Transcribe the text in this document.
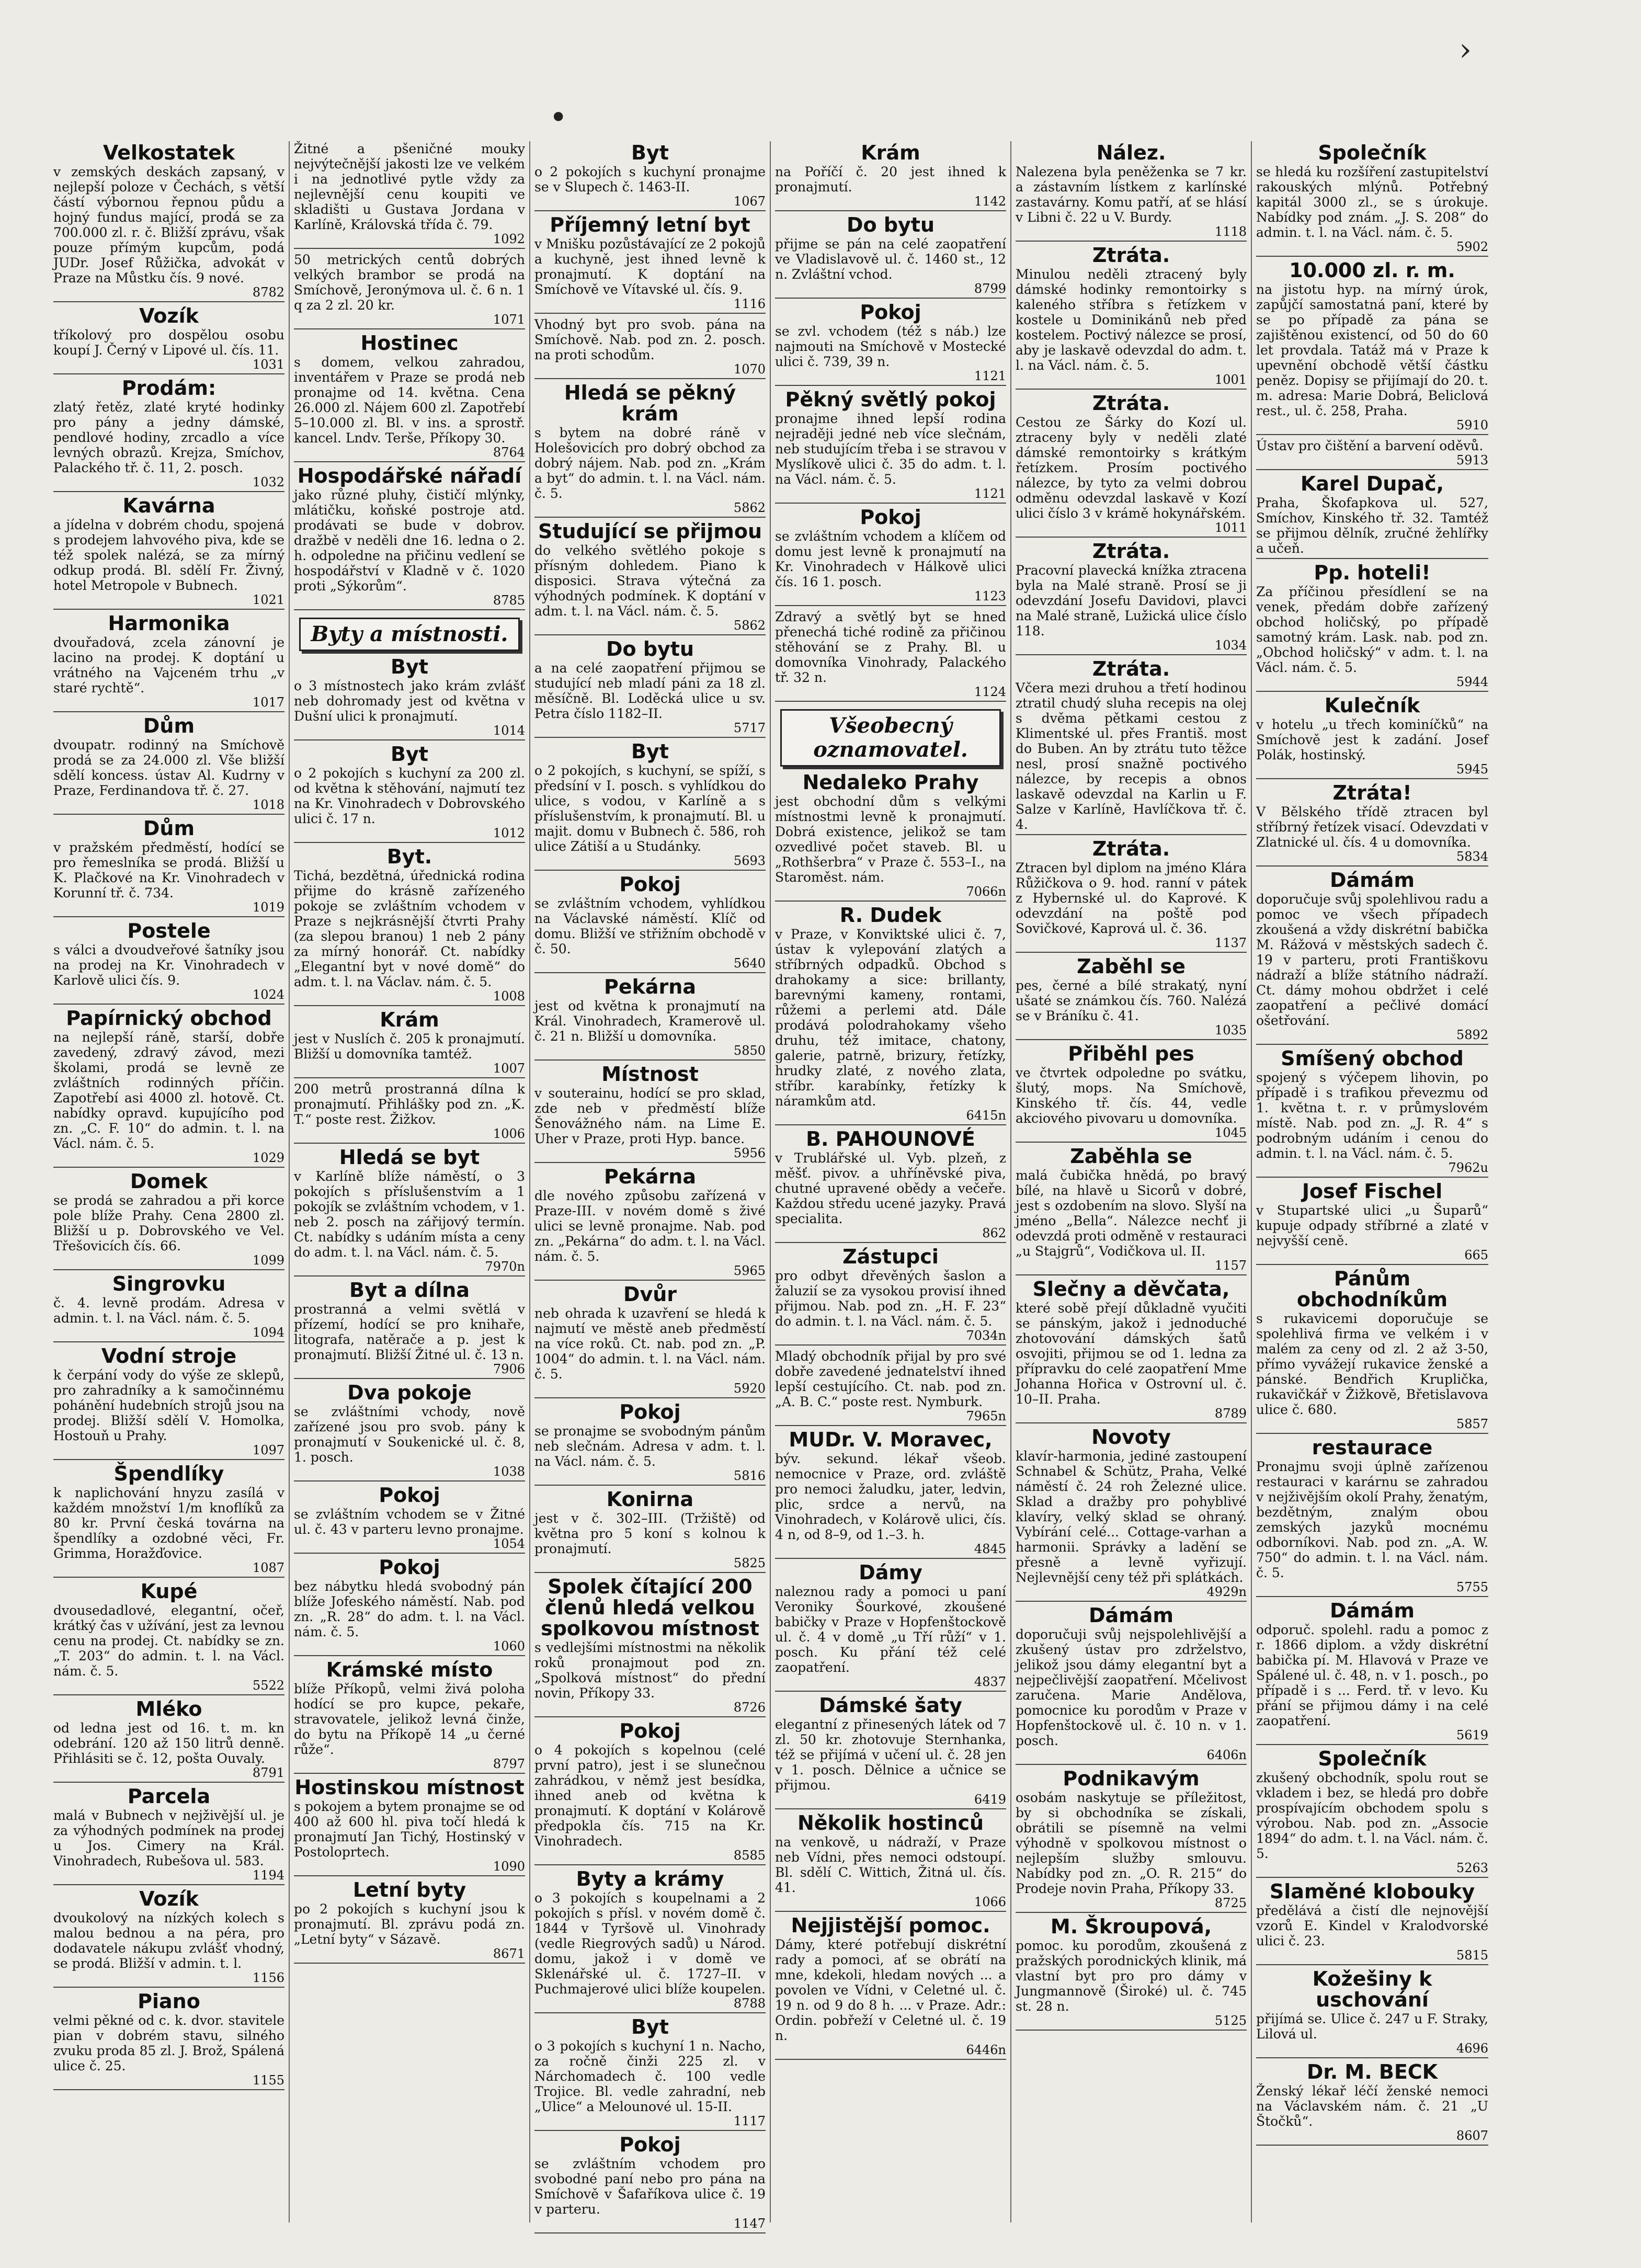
•
›
Velkostatek

v zemských deskách zapsaný, v nejlepší poloze v Čechách, s větší částí výbornou řepnou půdu a hojný fundus mající, prodá se za 700.000 zl. r. č. Bližší zprávu, však pouze přímým kupcům, podá JUDr. Josef Růžička, advokát v Praze na Můstku čís. 9 nové.

8782
Vozík

tříkolový pro dospělou osobu koupí J. Černý v Lipové ul. čís. 11.

1031
Prodám:

zlatý řetěz, zlaté kryté hodinky pro pány a jedny dámské, pendlové hodiny, zrcadlo a více levných obrazů. Krejza, Smíchov, Palackého tř. č. 11, 2. posch.

1032
Kavárna

a jídelna v dobrém chodu, spojená s prodejem lahvového piva, kde se též spolek nalézá, se za mírný odkup prodá. Bl. sdělí Fr. Živný, hotel Metropole v Bubnech.

1021
Harmonika

dvouřadová, zcela zánovní je lacino na prodej. K doptání u vrátného na Vajceném trhu „v staré rychtě“.

1017
Dům

dvoupatr. rodinný na Smíchově prodá se za 24.000 zl. Vše bližší sdělí koncess. ústav Al. Kudrny v Praze, Ferdinandova tř. č. 27.

1018
Dům

v pražském předměstí, hodící se pro řemeslníka se prodá. Bližší u K. Plačkové na Kr. Vinohradech v Korunní tř. č. 734.

1019
Postele

s válci a dvoudveřové šatníky jsou na prodej na Kr. Vinohradech v Karlově ulici čís. 9.

1024
Papírnický obchod

na nejlepší ráně, starší, dobře zavedený, zdravý závod, mezi školami, prodá se levně ze zvláštních rodinných příčin. Zapotřebí asi 4000 zl. hotově. Ct. nabídky opravd. kupujícího pod zn. „C. F. 10“ do admin. t. l. na Václ. nám. č. 5.

1029
Domek

se prodá se zahradou a při korce pole blíže Prahy. Cena 2800 zl. Bližší u p. Dobrovského ve Vel. Třešovicích čís. 66.

1099
Singrovku

č. 4. levně prodám. Adresa v admin. t. l. na Václ. nám. č. 5.

1094
Vodní stroje

k čerpání vody do výše ze sklepů, pro zahradníky a k samočinnému pohánění hudebních strojů jsou na prodej. Bližší sdělí V. Homolka, Hostouň u Prahy.

1097
Špendlíky

k naplichování hnyzu zasílá v každém množství 1/m knoflíků za 80 kr. První česká továrna na špendlíky a ozdobné věci, Fr. Grimma, Horažďovice.

1087
Kupé

dvousedadlové, elegantní, očeř, krátký čas v užívání, jest za levnou cenu na prodej. Ct. nabídky se zn. „T. 203“ do admin. t. l. na Václ. nám. č. 5.

5522
Mléko

od ledna jest od 16. t. m. kn odebrání. 120 až 150 litrů denně. Přihlásiti se č. 12, pošta Ouvaly.

8791
Parcela

malá v Bubnech v nejživější ul. je za výhodných podmínek na prodej u Jos. Cimery na Král. Vinohradech, Rubešova ul. 583.

1194
Vozík

dvoukolový na nízkých kolech s malou bednou a na péra, pro dodavatele nákupu zvlášť vhodný, se prodá. Bližší v admin. t. l.

1156
Piano

velmi pěkné od c. k. dvor. stavitele pian v dobrém stavu, silného zvuku proda 85 zl. J. Brož, Spálená ulice č. 25.

1155

Žitné a pšeničné mouky nejvýtečnější jakosti lze ve velkém i na jednotlivé pytle vždy za nejlevnější cenu koupiti ve skladišti u Gustava Jordana v Karlíně, Královská třída č. 79.

1092

50 metrických centů dobrých velkých brambor se prodá na Smíchově, Jeronýmova ul. č. 6 n. 1 q za 2 zl. 20 kr.

1071
Hostinec

s domem, velkou zahradou, inventářem v Praze se prodá neb pronajme od 14. května. Cena 26.000 zl. Nájem 600 zl. Zapotřebí 5–10.000 zl. Bl. v ins. a sprostř. kancel. Lndv. Terše, Příkopy 30.

8764
Hospodářské nářadí

jako různé pluhy, čističí mlýnky, mlátičku, koňské postroje atd. prodávati se bude v dobrov. dražbě v neděli dne 16. ledna o 2. h. odpoledne na přičinu vedlení se hospodářství v Kladně v č. 1020 proti „Sýkorům“.

8785
Byty a místnosti.
Byt

o 3 místnostech jako krám zvlášť neb dohromady jest od května v Dušní ulici k pronajmutí.

1014
Byt

o 2 pokojích s kuchyní za 200 zl. od května k stěhování, najmutí tez na Kr. Vinohradech v Dobrovského ulici č. 17 n.

1012
Byt.

Tichá, bezdětná, úřednická rodina přijme do krásně zařízeného pokoje se zvláštním vchodem v Praze s nejkrásnější čtvrti Prahy (za slepou branou) 1 neb 2 pány za mírný honorář. Ct. nabídky „Elegantní byt v nové domě“ do adm. t. l. na Václav. nám. č. 5.

1008
Krám

jest v Nuslích č. 205 k pronajmutí. Bližší u domovníka tamtéž.

1007

200 metrů prostranná dílna k pronajmutí. Přihlášky pod zn. „K. T.“ poste rest. Žižkov.

1006
Hledá se byt

v Karlíně blíže náměstí, o 3 pokojích s příslušenstvím a 1 pokojík se zvláštním vchodem, v 1. neb 2. posch na zářijový termín. Ct. nabídky s udáním místa a ceny do adm. t. l. na Václ. nám. č. 5.

7970n
Byt a dílna

prostranná a velmi světlá v přízemí, hodící se pro knihaře, litografa, natěrače a p. jest k pronajmutí. Bližší Žitné ul. č. 13 n.

7906
Dva pokoje

se zvláštními vchody, nově zařízené jsou pro svob. pány k pronajmutí v Soukenické ul. č. 8, 1. posch.

1038
Pokoj

se zvláštním vchodem se v Žitné ul. č. 43 v parteru levno pronajme.

1054
Pokoj

bez nábytku hledá svobodný pán blíže Jofeského náměstí. Nab. pod zn. „R. 28“ do adm. t. l. na Václ. nám. č. 5.

1060
Krámské místo

blíže Příkopů, velmi živá poloha hodící se pro kupce, pekaře, stravovatele, jelikož levná činže, do bytu na Příkopě 14 „u černé růže“.

8797
Hostinskou místnost

s pokojem a bytem pronajme se od 400 až 600 hl. piva točí hledá k pronajmutí Jan Tichý, Hostinský v Postoloprtech.

1090
Letní byty

po 2 pokojích s kuchyní jsou k pronajmutí. Bl. zprávu podá zn. „Letní byty“ v Sázavě.

8671
Byt

o 2 pokojích s kuchyní pronajme se v Slupech č. 1463-II.

1067
Příjemný letní byt

v Mnišku pozůstávající ze 2 pokojů a kuchyně, jest ihned levně k pronajmutí. K doptání na Smíchově ve Vítavské ul. čís. 9.

1116

Vhodný byt pro svob. pána na Smíchově. Nab. pod zn. 2. posch. na proti schodům.

1070
Hledá se pěkný krám

s bytem na dobré ráně v Holešovicích pro dobrý obchod za dobrý nájem. Nab. pod zn. „Krám a byt“ do admin. t. l. na Václ. nám. č. 5.

5862
Studující se přijmou

do velkého světlého pokoje s přísným dohledem. Piano k disposici. Strava výtečná za výhodných podmínek. K doptání v adm. t. l. na Václ. nám. č. 5.

5862
Do bytu

a na celé zaopatření přijmou se studující neb mladí páni za 18 zl. měsíčně. Bl. Loděcká ulice u sv. Petra číslo 1182–II.

5717
Byt

o 2 pokojích, s kuchyní, se spíží, s předsíní v I. posch. s vyhlídkou do ulice, s vodou, v Karlíně a s příslušenstvím, k pronajmutí. Bl. u majit. domu v Bubnech č. 586, roh ulice Zátiší a u Studánky.

5693
Pokoj

se zvláštním vchodem, vyhlídkou na Václavské náměstí. Klíč od domu. Bližší ve střižním obchodě v č. 50.

5640
Pekárna

jest od května k pronajmutí na Král. Vinohradech, Kramerově ul. č. 21 n. Bližší u domovníka.

5850
Místnost

v souterainu, hodící se pro sklad, zde neb v předměstí blíže Šenovážného nám. na Lime E. Uher v Praze, proti Hyp. bance.

5956
Pekárna

dle nového způsobu zařízená v Praze-III. v novém domě s živé ulici se levně pronajme. Nab. pod zn. „Pekárna“ do adm. t. l. na Václ. nám. č. 5.

5965
Dvůr

neb ohrada k uzavření se hledá k najmutí ve městě aneb předměstí na více roků. Ct. nab. pod zn. „P. 1004“ do admin. t. l. na Václ. nám. č. 5.

5920
Pokoj

se pronajme se svobodným pánům neb slečnám. Adresa v adm. t. l. na Václ. nám. č. 5.

5816
Konirna

jest v č. 302–III. (Tržiště) od května pro 5 koní s kolnou k pronajmutí.

5825
Spolek čítající 200 členů hledá velkou spolkovou místnost

s vedlejšími místnostmi na několik roků pronajmout pod zn. „Spolková místnost“ do přední novin, Příkopy 33.

8726
Pokoj

o 4 pokojích s kopelnou (celé první patro), jest i se slunečnou zahrádkou, v němž jest besídka, ihned aneb od května k pronajmutí. K doptání v Kolárově předpokla čís. 715 na Kr. Vinohradech.

8585
Byty a krámy

o 3 pokojích s koupelnami a 2 pokojích s přísl. v novém domě č. 1844 v Tyršově ul. Vinohrady (vedle Riegrových sadů) u Národ. domu, jakož i v domě ve Sklenářské ul. č. 1727–II. v Puchmajerové ulici blíže koupelen.

8788
Byt

o 3 pokojích s kuchyní 1 n. Nacho, za ročně činži 225 zl. v Nárchomadech č. 100 vedle Trojice. Bl. vedle zahradní, neb „Ulice“ a Melounové ul. 15-II.

1117
Pokoj

se zvláštním vchodem pro svobodné paní nebo pro pána na Smíchově v Šafaříkova ulice č. 19 v parteru.

1147
Krám

na Poříčí č. 20 jest ihned k pronajmutí.

1142
Do bytu

přijme se pán na celé zaopatření ve Vladislavově ul. č. 1460 st., 12 n. Zvláštní vchod.

8799
Pokoj

se zvl. vchodem (též s náb.) lze najmouti na Smíchově v Mostecké ulici č. 739, 39 n.

1121
Pěkný světlý pokoj

pronajme ihned lepší rodina nejraději jedné neb více slečnám, neb studujícím třeba i se stravou v Myslíkově ulici č. 35 do adm. t. l. na Václ. nám. č. 5.

1121
Pokoj

se zvláštním vchodem a klíčem od domu jest levně k pronajmutí na Kr. Vinohradech v Hálkově ulici čís. 16 1. posch.

1123

Zdravý a světlý byt se hned přenechá tiché rodině za přičinou stěhování se z Prahy. Bl. u domovníka Vinohrady, Palackého tř. 32 n.

1124
Všeobecný oznamovatel.
Nedaleko Prahy

jest obchodní dům s velkými místnostmi levně k pronajmutí. Dobrá existence, jelikož se tam ozvedlivé počet staveb. Bl. u „Rothšerbra“ v Praze č. 553–I., na Staroměst. nám.

7066n
R. Dudek

v Praze, v Konviktské ulici č. 7, ústav k vylepování zlatých a stříbrných odpadků. Obchod s drahokamy a sice: brillanty, barevnými kameny, rontami, růžemi a perlemi atd. Dále prodává polodrahokamy všeho druhu, též imitace, chatony, galerie, patrně, brizury, řetízky, hrudky zlaté, z nového zlata, stříbr. karabínky, řetízky k náramkům atd.

6415n
B. PAHOUNOVÉ

v Trublářské ul. Vyb. plzeň, z měšť. pivov. a uhříněvské piva, chutné upravené obědy a večeře. Každou středu ucené jazyky. Pravá specialita.

862
Zástupci

pro odbyt dřevěných šaslon a žaluzií se za vysokou provisí ihned přijmou. Nab. pod zn. „H. F. 23“ do admin. t. l. na Václ. nám. č. 5.

7034n

Mladý obchodník přijal by pro své dobře zavedené jednatelství ihned lepší cestujícího. Ct. nab. pod zn. „A. B. C.“ poste rest. Nymburk.

7965n
MUDr. V. Moravec,

býv. sekund. lékař všeob. nemocnice v Praze, ord. zvláště pro nemoci žaludku, jater, ledvin, plic, srdce a nervů, na Vinohradech, v Kolárově ulici, čís. 4 n, od 8–9, od 1.–3. h.

4845
Dámy

naleznou rady a pomoci u paní Veroniky Šourkové, zkoušené babičky v Praze v Hopfenštockově ul. č. 4 v domě „u Tří růží“ v 1. posch. Ku přání též celé zaopatření.

4837
Dámské šaty

elegantní z přinesených látek od 7 zl. 50 kr. zhotovuje Sternhanka, též se přijímá v učení ul. č. 28 jen v 1. posch. Dělnice a učnice se přijmou.

6419
Několik hostinců

na venkově, u nádraží, v Praze neb Vídni, přes nemoci odstoupí. Bl. sdělí C. Wittich, Žitná ul. čís. 41.

1066
Nejjistější pomoc.

Dámy, které potřebují diskrétní rady a pomoci, ať se obrátí na mne, kdekoli, hledam nových ... a povolen ve Vídni, v Celetné ul. č. 19 n. od 9 do 8 h. ... v Praze. Adr.: Ordin. pobřeží v Celetné ul. č. 19 n.

6446n
Nález.

Nalezena byla peněženka se 7 kr. a zástavním lístkem z karlínské zastavárny. Komu patří, ať se hlásí v Libni č. 22 u V. Burdy.

1118
Ztráta.

Minulou neděli ztracený byly dámské hodinky remontoirky s kaleného stříbra s řetízkem v kostele u Dominikánů neb před kostelem. Poctivý nálezce se prosí, aby je laskavě odevzdal do adm. t. l. na Václ. nám. č. 5.

1001
Ztráta.

Cestou ze Šárky do Kozí ul. ztraceny byly v neděli zlaté dámské remontoirky s krátkým řetízkem. Prosím poctivého nálezce, by tyto za velmi dobrou odměnu odevzdal laskavě v Kozí ulici číslo 3 v krámě hokynářském.

1011
Ztráta.

Pracovní plavecká knížka ztracena byla na Malé straně. Prosí se ji odevzdání Josefu Davidovi, plavci na Malé straně, Lužická ulice číslo 118.

1034
Ztráta.

Včera mezi druhou a třetí hodinou ztratil chudý sluha recepis na olej s dvěma pětkami cestou z Klimentské ul. přes Františ. most do Buben. An by ztrátu tuto těžce nesl, prosí snažně poctivého nálezce, by recepis a obnos laskavě odevzdal na Karlin u F. Salze v Karlíně, Havlíčkova tř. č. 4.

Ztráta.

Ztracen byl diplom na jméno Klára Růžičkova o 9. hod. ranní v pátek z Hybernské ul. do Kaprové. K odevzdání na poště pod Sovičkové, Kaprová ul. č. 36.

1137
Zaběhl se

pes, černé a bílé strakatý, nyní ušaté se známkou čís. 760. Nalézá se v Bráníku č. 41.

1035
Přiběhl pes

ve čtvrtek odpoledne po svátku, šlutý, mops. Na Smíchově, Kinského tř. čís. 44, vedle akciového pivovaru u domovníka.

1045
Zaběhla se

malá čubička hnědá, po bravý bílé, na hlavě u Sicorů v dobré, jest s ozdobením na slovo. Slyší na jméno „Bella“. Nálezce nechť ji odevzdá proti odměně v restauraci „u Stajgrů“, Vodičkova ul. II.

1157
Slečny a děvčata,

které sobě přejí důkladně vyučiti se pánským, jakož i jednoduché zhotovování dámských šatů osvojiti, přijmou se od 1. ledna za přípravku do celé zaopatření Mme Johanna Hořica v Ostrovní ul. č. 10–II. Praha.

8789
Novoty

klavír-harmonia, jediné zastoupení Schnabel & Schütz, Praha, Velké náměstí č. 24 roh Železné ulice. Sklad a dražby pro pohyblivé klavíry, velký sklad se ohraný. Vybírání celé... Cottage-varhan a harmonii. Správky a ladění se přesně a levně vyřizují. Nejlevnější ceny též při splátkách.

4929n
Dámám

doporučuji svůj nejspolehlivější a zkušený ústav pro zdrželstvo, jelikož jsou dámy elegantní byt a nejpečlivější zaopatření. Mčelivost zaručena. Marie Andělova, pomocnice ku porodům v Praze v Hopfenštockově ul. č. 10 n. v 1. posch.

6406n
Podnikavým

osobám naskytuje se příležitost, by si obchodníka se získali, obrátili se písemně na velmi výhodně v spolkovou místnost o nejlepším služby smlouvu. Nabídky pod zn. „O. R. 215“ do Prodeje novin Praha, Příkopy 33.

8725
M. Škroupová,

pomoc. ku porodům, zkoušená z pražských porodnických klinik, má vlastní byt pro pro dámy v Jungmannově (Široké) ul. č. 745 st. 28 n.

5125
Společník

se hledá ku rozšíření zastupitelství rakouských mlýnů. Potřebný kapitál 3000 zl., se s úrokuje. Nabídky pod znám. „J. S. 208“ do admin. t. l. na Václ. nám. č. 5.

5902
10.000 zl. r. m.

na jistotu hyp. na mírný úrok, zapůjčí samostatná paní, které by se po případě za pána se zajištěnou existencí, od 50 do 60 let provdala. Tatáž má v Praze k upevnění obchodě větší částku peněz. Dopisy se přijímají do 20. t. m. adresa: Marie Dobrá, Beliclová rest., ul. č. 258, Praha.

5910

Ústav pro čištění a barvení oděvů.

5913
Karel Dupač,

Praha, Škofapkova ul. 527, Smíchov, Kinského tř. 32. Tamtéž se přijmou dělník, zručné žehlířky a učeň.

Pp. hoteli!

Za příčinou přesídlení se na venek, předám dobře zařízený obchod holičský, po případě samotný krám. Lask. nab. pod zn. „Obchod holičský“ v adm. t. l. na Václ. nám. č. 5.

5944
Kulečník

v hotelu „u třech kominíčků“ na Smíchově jest k zadání. Josef Polák, hostinský.

5945
Ztráta!

V Bělského třídě ztracen byl stříbrný řetízek visací. Odevzdati v Zlatnické ul. čís. 4 u domovníka.

5834
Dámám

doporučuje svůj spolehlivou radu a pomoc ve všech případech zkoušená a vždy diskrétní babička M. Rážová v městských sadech č. 19 v parteru, proti Františkovu nádraží a blíže státního nádraží. Ct. dámy mohou obdržet i celé zaopatření a pečlivé domácí ošetřování.

5892
Smíšený obchod

spojený s výčepem lihovin, po případě i s trafikou převezmu od 1. května t. r. v průmyslovém místě. Nab. pod zn. „J. R. 4“ s podrobným udáním i cenou do admin. t. l. na Václ. nám. č. 5.

7962u
Josef Fischel

v Stupartské ulici „u Šuparů“ kupuje odpady stříbrné a zlaté v nejvyšší ceně.

665
Pánům obchodníkům

s rukavicemi doporučuje se spolehlivá firma ve velkém i v malém za ceny od zl. 2 až 3-50, přímo vyvážejí rukavice ženské a pánské. Bendřich Kruplička, rukavičkář v Žižkově, Břetislavova ulice č. 680.

5857
restaurace

Pronajmu svoji úplně zařízenou restauraci v karárnu se zahradou v nejživějším okolí Prahy, ženatým, bezdětným, znalým obou zemských jazyků mocnému odborníkovi. Nab. pod zn. „A. W. 750“ do admin. t. l. na Václ. nám. č. 5.

5755
Dámám

odporuč. spolehl. radu a pomoc z r. 1866 diplom. a vždy diskrétní babička pí. M. Hlavová v Praze ve Spálené ul. č. 48, n. v 1. posch., po případě i s ... Ferd. tř. v levo. Ku přání se přijmou dámy i na celé zaopatření.

5619
Společník

zkušený obchodník, spolu rout se vkladem i bez, se hledá pro dobře prospívajícím obchodem spolu s výrobou. Nab. pod zn. „Associe 1894“ do adm. t. l. na Václ. nám. č. 5.

5263
Slaměné klobouky

předělává a čistí dle nejnovější vzorů E. Kindel v Kralodvorské ulici č. 23.

5815
Kožešiny k uschování

přijímá se. Ulice č. 247 u F. Straky, Lilová ul.

4696
Dr. M. BECK

Ženský lékař léčí ženské nemoci na Václavském nám. č. 21 „U Štočků“.

8607
